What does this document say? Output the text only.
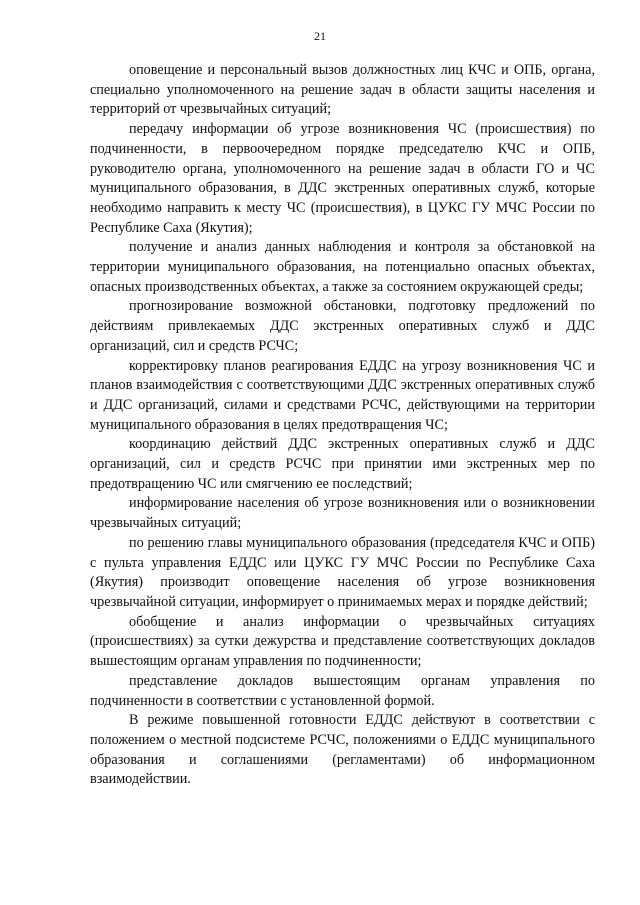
21

оповещение и персональный вызов должностных лиц КЧС и ОПБ, органа, специально уполномоченного на решение задач в области защиты населения и территорий от чрезвычайных ситуаций;

передачу информации об угрозе возникновения ЧС (происшествия) по подчиненности, в первоочередном порядке председателю КЧС и ОПБ, руководителю органа, уполномоченного на решение задач в области ГО и ЧС муниципального образования, в ДДС экстренных оперативных служб, которые необходимо направить к месту ЧС (происшествия), в ЦУКС ГУ МЧС России по Республике Саха (Якутия);

получение и анализ данных наблюдения и контроля за обстановкой на территории муниципального образования, на потенциально опасных объектах, опасных производственных объектах, а также за состоянием окружающей среды;

прогнозирование возможной обстановки, подготовку предложений по действиям привлекаемых ДДС экстренных оперативных служб и ДДС организаций, сил и средств РСЧС;

корректировку планов реагирования ЕДДС на угрозу возникновения ЧС и планов взаимодействия с соответствующими ДДС экстренных оперативных служб и ДДС организаций, силами и средствами РСЧС, действующими на территории муниципального образования в целях предотвращения ЧС;

координацию действий ДДС экстренных оперативных служб и ДДС организаций, сил и средств РСЧС при принятии ими экстренных мер по предотвращению ЧС или смягчению ее последствий;

информирование населения об угрозе возникновения или о возникновении чрезвычайных ситуаций;

по решению главы муниципального образования (председателя КЧС и ОПБ) с пульта управления ЕДДС или ЦУКС ГУ МЧС России по Республике Саха (Якутия) производит оповещение населения об угрозе возникновения чрезвычайной ситуации, информирует о принимаемых мерах и порядке действий;

обобщение и анализ информации о чрезвычайных ситуациях (происшествиях) за сутки дежурства и представление соответствующих докладов вышестоящим органам управления по подчиненности;

представление докладов вышестоящим органам управления по подчиненности в соответствии с установленной формой.

В режиме повышенной готовности ЕДДС действуют в соответствии с положением о местной подсистеме РСЧС, положениями о ЕДДС муниципального образования и соглашениями (регламентами) об информационном взаимодействии.
